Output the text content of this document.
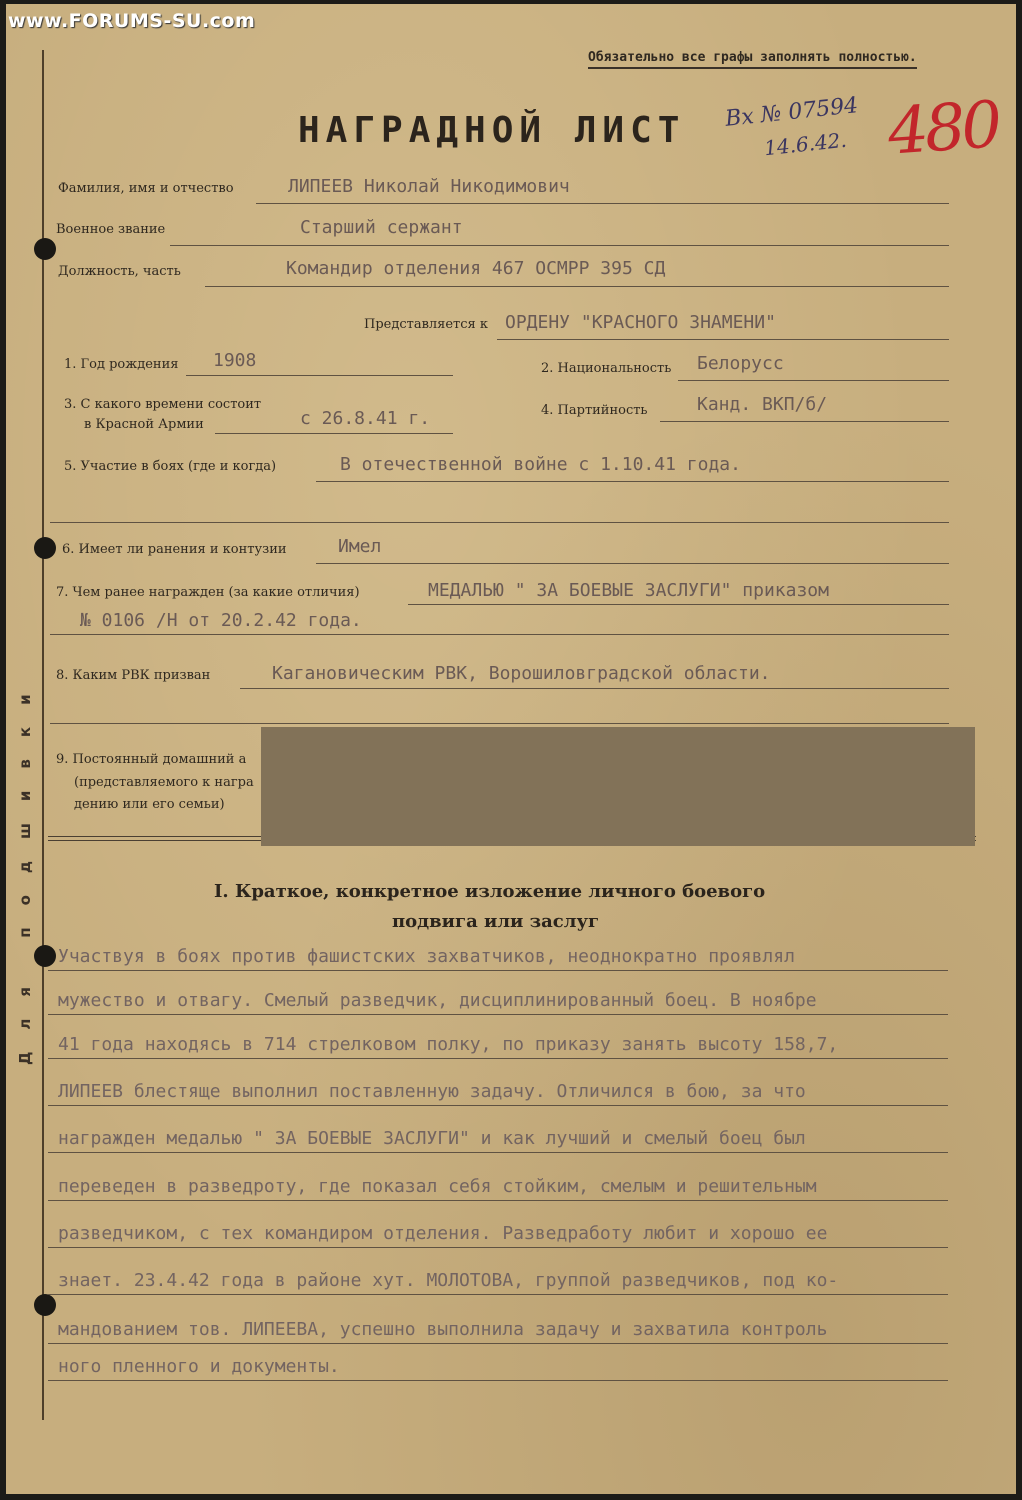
www.FORUMS-SU.com
Для подшивки
Обязательно все графы заполнять полностью.
НАГРАДНОЙ ЛИСТ Вх № 07594
14.6.42. 480
Фамилия, имя и отчество	ЛИПЕЕВ Николай Никодимович
Военное звание	Старший сержант
Должность, часть	Командир отделения 467 ОСМРР 395 СД
Представляется к ОРДЕНУ "КРАСНОГО ЗНАМЕНИ"
1. Год рождения 1908	2. Национальность Белорусс
3. С какого времени состоит
в Красной Армии	с 26.8.41 г.	4. Партийность	Канд. ВКП/б/
5. Участие в боях (где и когда)	В отечественной войне с 1.10.41 года.
6. Имеет ли ранения и контузии	Имел
7. Чем ранее награжден (за какие отличия)	МЕДАЛЬЮ " ЗА БОЕВЫЕ ЗАСЛУГИ" приказом
№ 0106 /Н от 20.2.42 года.
8. Каким РВК призван	Кагановическим РВК, Ворошиловградской области.
9. Постоянный домашний а
(представляемого к награ
дению или его семьи)
I. Краткое, конкретное изложение личного боевого
подвига или заслуг
Участвуя в боях против фашистских захватчиков, неоднократно проявлял
мужество и отвагу. Смелый разведчик, дисциплинированный боец. В ноябре
41 года находясь в 714 стрелковом полку, по приказу занять высоту 158,7,
ЛИПЕЕВ блестяще выполнил поставленную задачу. Отличился в бою, за что
награжден медалью " ЗА БОЕВЫЕ ЗАСЛУГИ" и как лучший и смелый боец был
переведен в разведроту, где показал себя стойким, смелым и решительным
разведчиком, с тех командиром отделения. Разведработу любит и хорошо ее
знает. 23.4.42 года в районе хут. МОЛОТОВА, группой разведчиков, под ко-
мандованием тов. ЛИПЕЕВА, успешно выполнила задачу и захватила контроль
ного пленного и документы.
